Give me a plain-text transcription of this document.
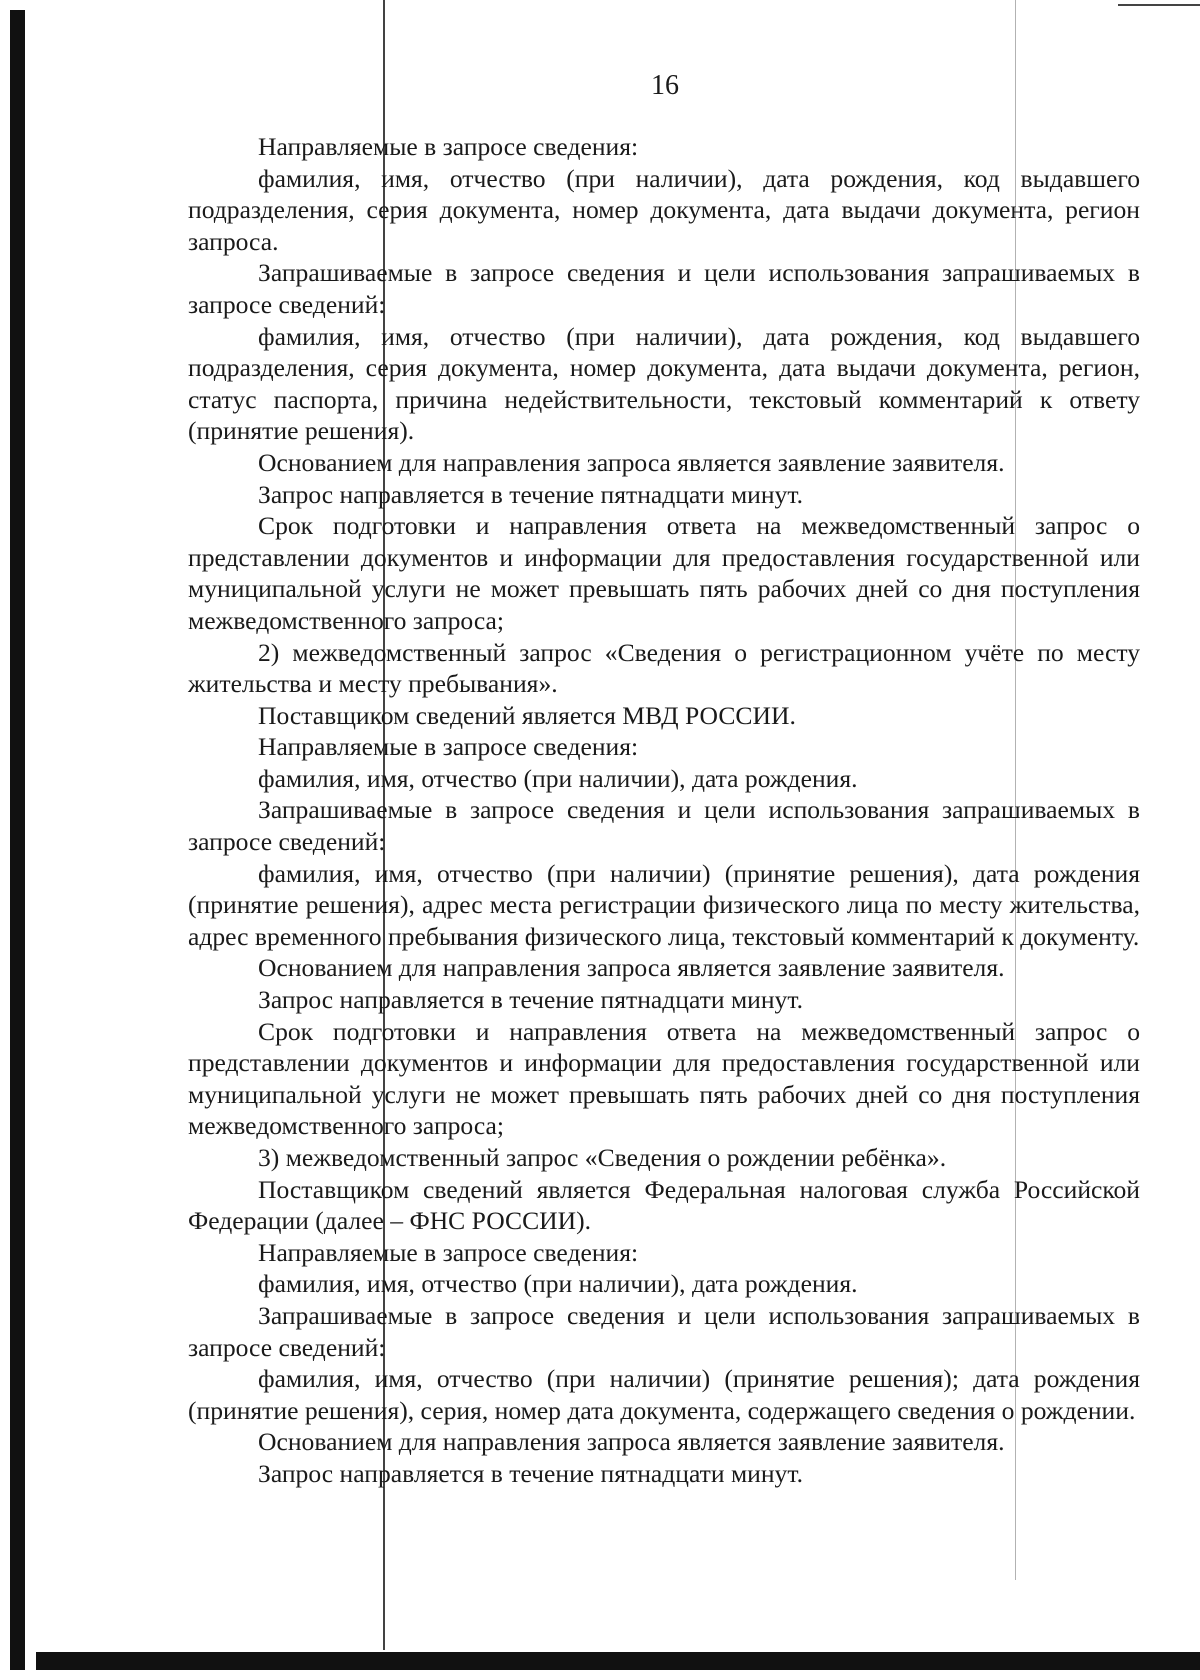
16

Направляемые в запросе сведения:

фамилия, имя, отчество (при наличии), дата рождения, код выдавшего подразделения, серия документа, номер документа, дата выдачи документа, регион запроса.

Запрашиваемые в запросе сведения и цели использования запрашиваемых в запросе сведений:

фамилия, имя, отчество (при наличии), дата рождения, код выдавшего подразделения, серия документа, номер документа, дата выдачи документа, регион, статус паспорта, причина недействительности, текстовый комментарий к ответу (принятие решения).

Основанием для направления запроса является заявление заявителя.

Запрос направляется в течение пятнадцати минут.

Срок подготовки и направления ответа на межведомственный запрос о представлении документов и информации для предоставления государственной или муниципальной услуги не может превышать пять рабочих дней со дня поступления межведомственного запроса;

2) межведомственный запрос «Сведения о регистрационном учёте по месту жительства и месту пребывания».

Поставщиком сведений является МВД РОССИИ.

Направляемые в запросе сведения:

фамилия, имя, отчество (при наличии), дата рождения.

Запрашиваемые в запросе сведения и цели использования запрашиваемых в запросе сведений:

фамилия, имя, отчество (при наличии) (принятие решения), дата рождения (принятие решения), адрес места регистрации физического лица по месту жительства, адрес временного пребывания физического лица, текстовый комментарий к документу.

Основанием для направления запроса является заявление заявителя.

Запрос направляется в течение пятнадцати минут.

Срок подготовки и направления ответа на межведомственный запрос о представлении документов и информации для предоставления государственной или муниципальной услуги не может превышать пять рабочих дней со дня поступления межведомственного запроса;

3) межведомственный запрос «Сведения о рождении ребёнка».

Поставщиком сведений является Федеральная налоговая служба Российской Федерации (далее – ФНС РОССИИ).

Направляемые в запросе сведения:

фамилия, имя, отчество (при наличии), дата рождения.

Запрашиваемые в запросе сведения и цели использования запрашиваемых в запросе сведений:

фамилия, имя, отчество (при наличии) (принятие решения); дата рождения (принятие решения), серия, номер дата документа, содержащего сведения о рождении.

Основанием для направления запроса является заявление заявителя.

Запрос направляется в течение пятнадцати минут.
